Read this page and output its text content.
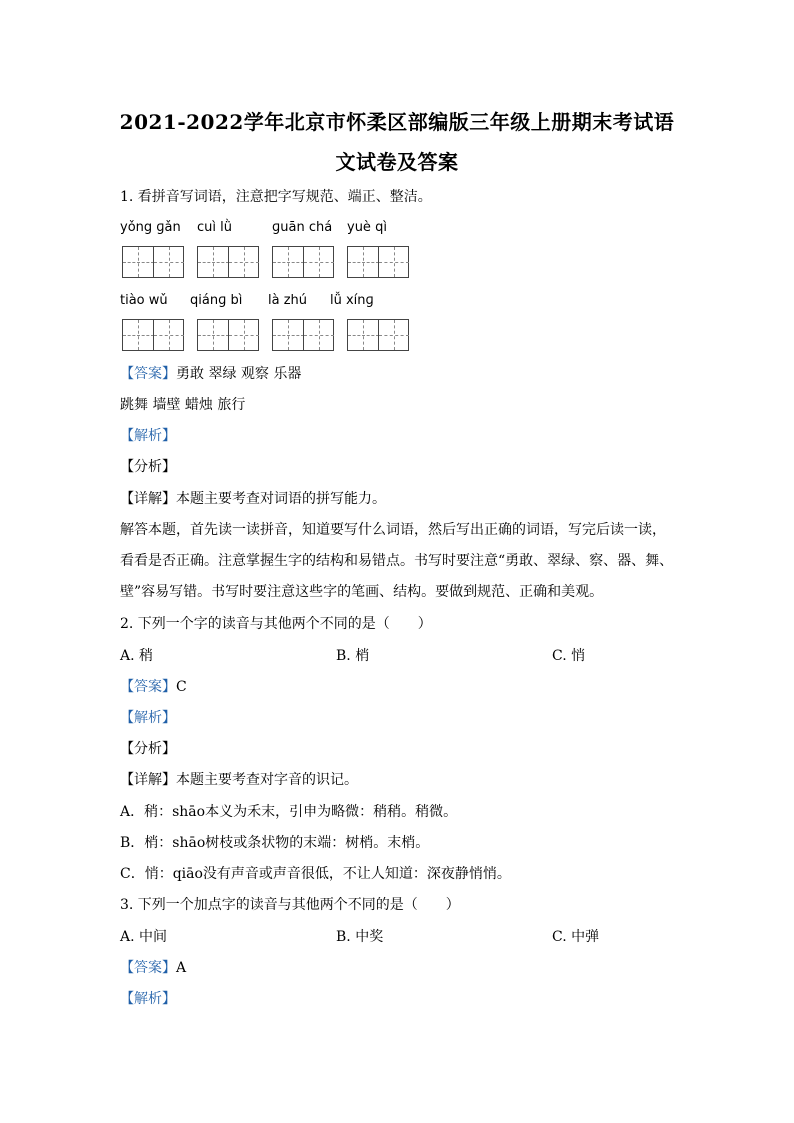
2021-2022学年北京市怀柔区部编版三年级上册期末考试语
文试卷及答案
1. 看拼音写词语，注意把字写规范、端正、整洁。
yǒng ɡǎn cuì lǜ	ɡuān chá yuè qì
tiào wǔ qiánɡ bì là zhú lǚ xínɡ
【答案】勇敢 翠绿 观察 乐器
跳舞 墙壁 蜡烛 旅行
【解析】
【分析】
【详解】本题主要考查对词语的拼写能力。
解答本题，首先读一读拼音，知道要写什么词语，然后写出正确的词语，写完后读一读，
看看是否正确。注意掌握生字的结构和易错点。书写时要注意“勇敢、翠绿、察、器、舞、
壁”容易写错。书写时要注意这些字的笔画、结构。要做到规范、正确和美观。
2. 下列一个字的读音与其他两个不同的是（　　）
A. 稍	B. 梢	C. 悄
【答案】C
【解析】
【分析】
【详解】本题主要考查对字音的识记。
A．稍：shāo本义为禾末，引申为略微：稍稍。稍微。
B．梢：shāo树枝或条状物的末端：树梢。末梢。
C．悄：qiāo没有声音或声音很低，不让人知道：深夜静悄悄。
3. 下列一个加点字的读音与其他两个不同的是（　　）
A. 中间	B. 中奖	C. 中弹
【答案】A
【解析】
